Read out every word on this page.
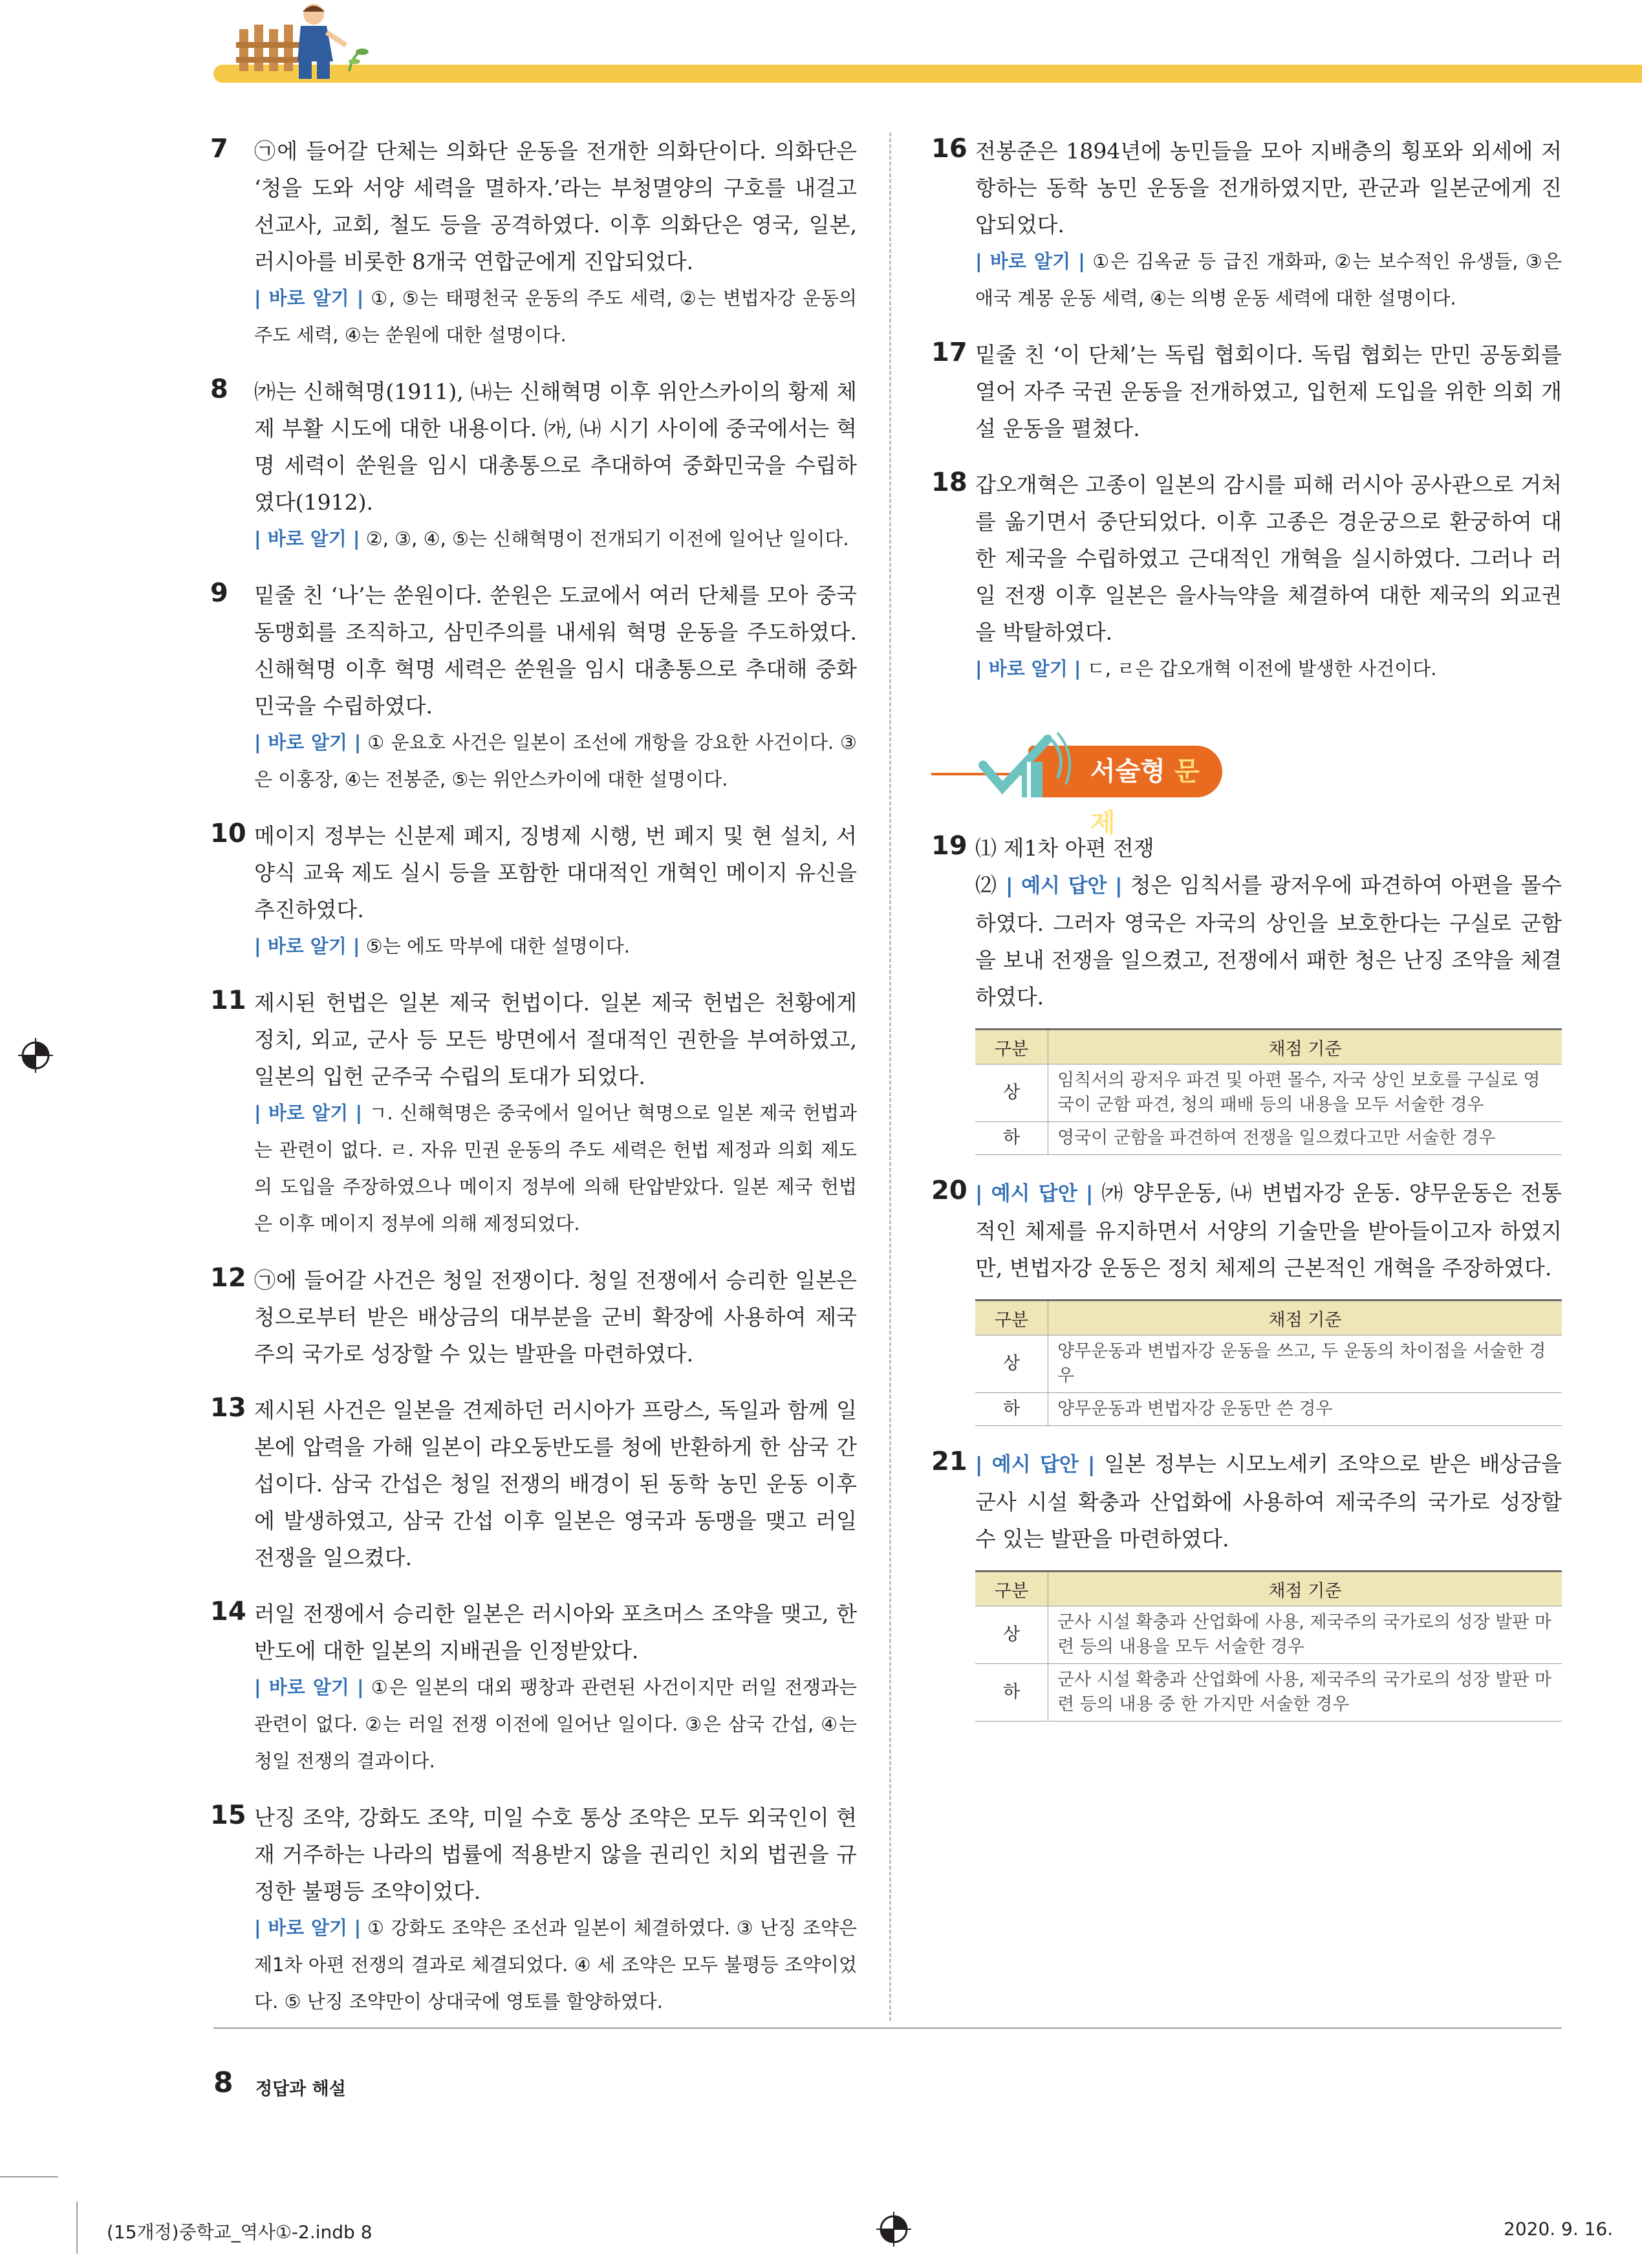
7 ㉠에 들어갈 단체는 의화단 운동을 전개한 의화단이다. 의화단은 ‘청을 도와 서양 세력을 멸하자.’라는 부청멸양의 구호를 내걸고 선교사, 교회, 철도 등을 공격하였다. 이후 의화단은 영국, 일본, 러시아를 비롯한 8개국 연합군에게 진압되었다.

| 바로 알기 | ①, ⑤는 태평천국 운동의 주도 세력, ②는 변법자강 운동의 주도 세력, ④는 쑨원에 대한 설명이다.

8 ㈎는 신해혁명(1911), ㈏는 신해혁명 이후 위안스카이의 황제 체제 부활 시도에 대한 내용이다. ㈎, ㈏ 시기 사이에 중국에서는 혁명 세력이 쑨원을 임시 대총통으로 추대하여 중화민국을 수립하였다(1912).

| 바로 알기 | ②, ③, ④, ⑤는 신해혁명이 전개되기 이전에 일어난 일이다.

9 밑줄 친 ‘나’는 쑨원이다. 쑨원은 도쿄에서 여러 단체를 모아 중국 동맹회를 조직하고, 삼민주의를 내세워 혁명 운동을 주도하였다. 신해혁명 이후 혁명 세력은 쑨원을 임시 대총통으로 추대해 중화민국을 수립하였다.

| 바로 알기 | ① 운요호 사건은 일본이 조선에 개항을 강요한 사건이다. ③은 이홍장, ④는 전봉준, ⑤는 위안스카이에 대한 설명이다.

10 메이지 정부는 신분제 폐지, 징병제 시행, 번 폐지 및 현 설치, 서양식 교육 제도 실시 등을 포함한 대대적인 개혁인 메이지 유신을 추진하였다.

| 바로 알기 | ⑤는 에도 막부에 대한 설명이다.

11 제시된 헌법은 일본 제국 헌법이다. 일본 제국 헌법은 천황에게 정치, 외교, 군사 등 모든 방면에서 절대적인 권한을 부여하였고, 일본의 입헌 군주국 수립의 토대가 되었다.

| 바로 알기 | ㄱ. 신해혁명은 중국에서 일어난 혁명으로 일본 제국 헌법과는 관련이 없다. ㄹ. 자유 민권 운동의 주도 세력은 헌법 제정과 의회 제도의 도입을 주장하였으나 메이지 정부에 의해 탄압받았다. 일본 제국 헌법은 이후 메이지 정부에 의해 제정되었다.

12 ㉠에 들어갈 사건은 청일 전쟁이다. 청일 전쟁에서 승리한 일본은 청으로부터 받은 배상금의 대부분을 군비 확장에 사용하여 제국주의 국가로 성장할 수 있는 발판을 마련하였다.

13 제시된 사건은 일본을 견제하던 러시아가 프랑스, 독일과 함께 일본에 압력을 가해 일본이 랴오둥반도를 청에 반환하게 한 삼국 간섭이다. 삼국 간섭은 청일 전쟁의 배경이 된 동학 농민 운동 이후에 발생하였고, 삼국 간섭 이후 일본은 영국과 동맹을 맺고 러일 전쟁을 일으켰다.

14 러일 전쟁에서 승리한 일본은 러시아와 포츠머스 조약을 맺고, 한반도에 대한 일본의 지배권을 인정받았다.

| 바로 알기 | ①은 일본의 대외 팽창과 관련된 사건이지만 러일 전쟁과는 관련이 없다. ②는 러일 전쟁 이전에 일어난 일이다. ③은 삼국 간섭, ④는 청일 전쟁의 결과이다.

15 난징 조약, 강화도 조약, 미일 수호 통상 조약은 모두 외국인이 현재 거주하는 나라의 법률에 적용받지 않을 권리인 치외 법권을 규정한 불평등 조약이었다.

| 바로 알기 | ① 강화도 조약은 조선과 일본이 체결하였다. ③ 난징 조약은 제1차 아편 전쟁의 결과로 체결되었다. ④ 세 조약은 모두 불평등 조약이었다. ⑤ 난징 조약만이 상대국에 영토를 할양하였다.

16 전봉준은 1894년에 농민들을 모아 지배층의 횡포와 외세에 저항하는 동학 농민 운동을 전개하였지만, 관군과 일본군에게 진압되었다.

| 바로 알기 | ①은 김옥균 등 급진 개화파, ②는 보수적인 유생들, ③은 애국 계몽 운동 세력, ④는 의병 운동 세력에 대한 설명이다.

17 밑줄 친 ‘이 단체’는 독립 협회이다. 독립 협회는 만민 공동회를 열어 자주 국권 운동을 전개하였고, 입헌제 도입을 위한 의회 개설 운동을 펼쳤다.

18 갑오개혁은 고종이 일본의 감시를 피해 러시아 공사관으로 거처를 옮기면서 중단되었다. 이후 고종은 경운궁으로 환궁하여 대한 제국을 수립하였고 근대적인 개혁을 실시하였다. 그러나 러일 전쟁 이후 일본은 을사늑약을 체결하여 대한 제국의 외교권을 박탈하였다.

| 바로 알기 | ㄷ, ㄹ은 갑오개혁 이전에 발생한 사건이다.

서술형 문제
19 ⑴ 제1차 아편 전쟁

⑵ | 예시 답안 | 청은 임칙서를 광저우에 파견하여 아편을 몰수하였다. 그러자 영국은 자국의 상인을 보호한다는 구실로 군함을 보내 전쟁을 일으켰고, 전쟁에서 패한 청은 난징 조약을 체결하였다.

구분	채점 기준
상	임칙서의 광저우 파견 및 아편 몰수, 자국 상인 보호를 구실로 영국이 군함 파견, 청의 패배 등의 내용을 모두 서술한 경우
하	영국이 군함을 파견하여 전쟁을 일으켰다고만 서술한 경우
20 | 예시 답안 | ㈎ 양무운동, ㈏ 변법자강 운동. 양무운동은 전통적인 체제를 유지하면서 서양의 기술만을 받아들이고자 하였지만, 변법자강 운동은 정치 체제의 근본적인 개혁을 주장하였다.

구분	채점 기준
상	양무운동과 변법자강 운동을 쓰고, 두 운동의 차이점을 서술한 경우
하	양무운동과 변법자강 운동만 쓴 경우
21 | 예시 답안 | 일본 정부는 시모노세키 조약으로 받은 배상금을 군사 시설 확충과 산업화에 사용하여 제국주의 국가로 성장할 수 있는 발판을 마련하였다.

구분	채점 기준
상	군사 시설 확충과 산업화에 사용, 제국주의 국가로의 성장 발판 마련 등의 내용을 모두 서술한 경우
하	군사 시설 확충과 산업화에 사용, 제국주의 국가로의 성장 발판 마련 등의 내용 중 한 가지만 서술한 경우
8 정답과 해설
(15개정)중학교_역사①-2.indb 8	2020. 9. 16.
